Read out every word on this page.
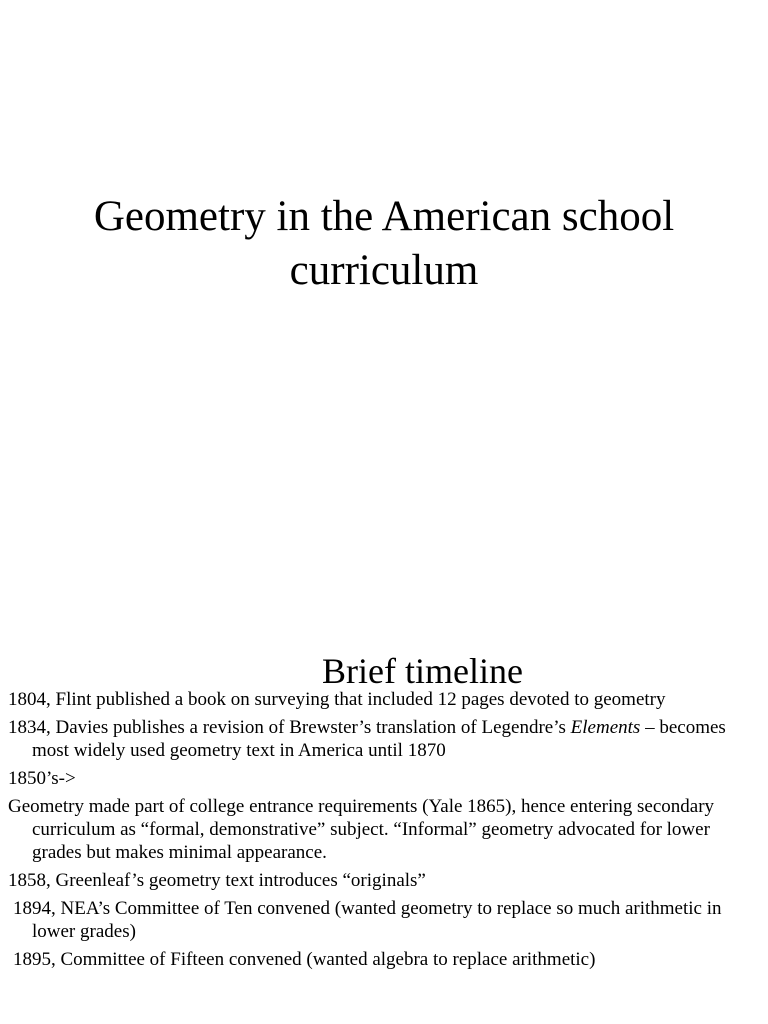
Geometry in the American school
curriculum
Brief timeline
1804, Flint published a book on surveying that included 12 pages devoted to geometry
1834, Davies publishes a revision of Brewster’s translation of Legendre’s Elements – becomes most widely used geometry text in America until 1870
1850’s->
Geometry made part of college entrance requirements (Yale 1865), hence entering secondary curriculum as “formal, demonstrative” subject. “Informal” geometry advocated for lower grades but makes minimal appearance.
1858, Greenleaf’s geometry text introduces “originals”
1894, NEA’s Committee of Ten convened (wanted geometry to replace so much arithmetic in lower grades)
1895, Committee of Fifteen convened (wanted algebra to replace arithmetic)
